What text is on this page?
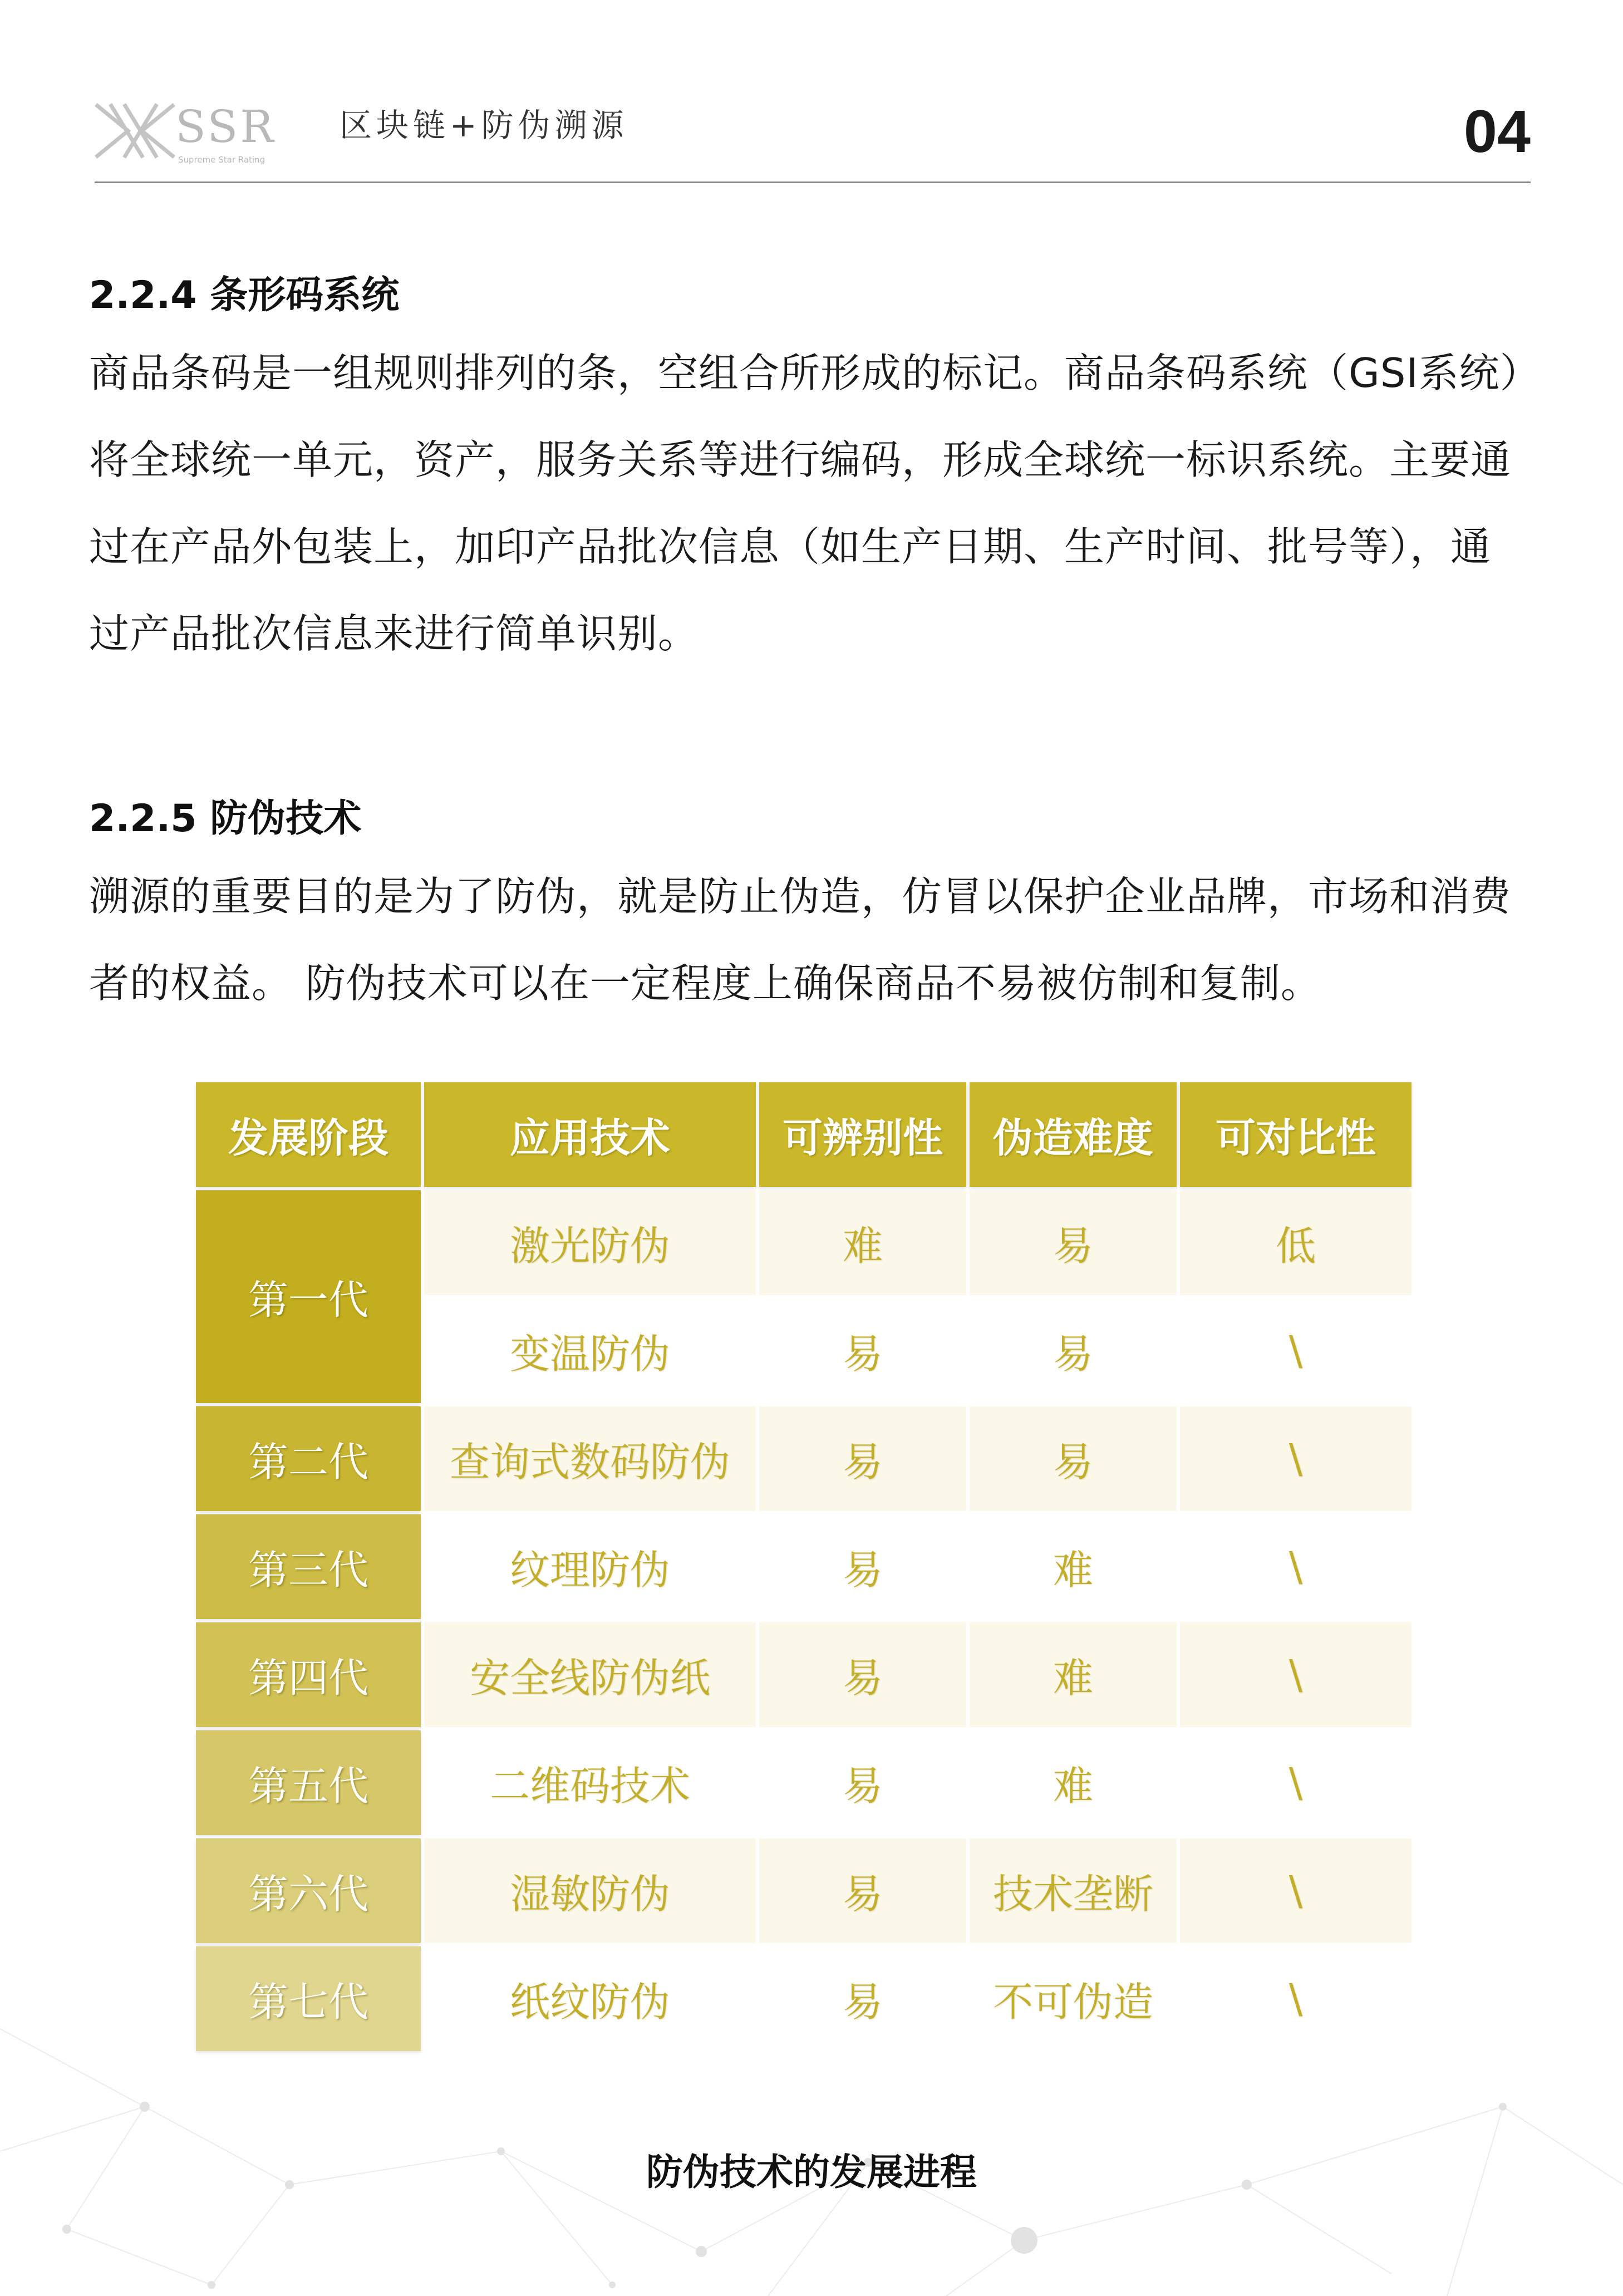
SSR
Supreme Star Rating
区块链+防伪溯源	04
2.2.4 条形码系统

商品条码是一组规则排列的条，空组合所形成的标记。商品条码系统（GSI系统）将全球统一单元，资产，服务关系等进行编码，形成全球统一标识系统。主要通过在产品外包装上，加印产品批次信息（如生产日期、生产时间、批号等），通过产品批次信息来进行简单识别。

2.2.5 防伪技术

溯源的重要目的是为了防伪，就是防止伪造，仿冒以保护企业品牌，市场和消费者的权益。 防伪技术可以在一定程度上确保商品不易被仿制和复制。

发展阶段	应用技术	可辨别性	伪造难度	可对比性
第一代	激光防伪	难	易	低
	变温防伪	易	易	\
第二代	查询式数码防伪	易	易	\
第三代	纹理防伪	易	难	\
第四代	安全线防伪纸	易	难	\
第五代	二维码技术	易	难	\
第六代	湿敏防伪	易	技术垄断	\
第七代	纸纹防伪	易	不可伪造	\
防伪技术的发展进程
